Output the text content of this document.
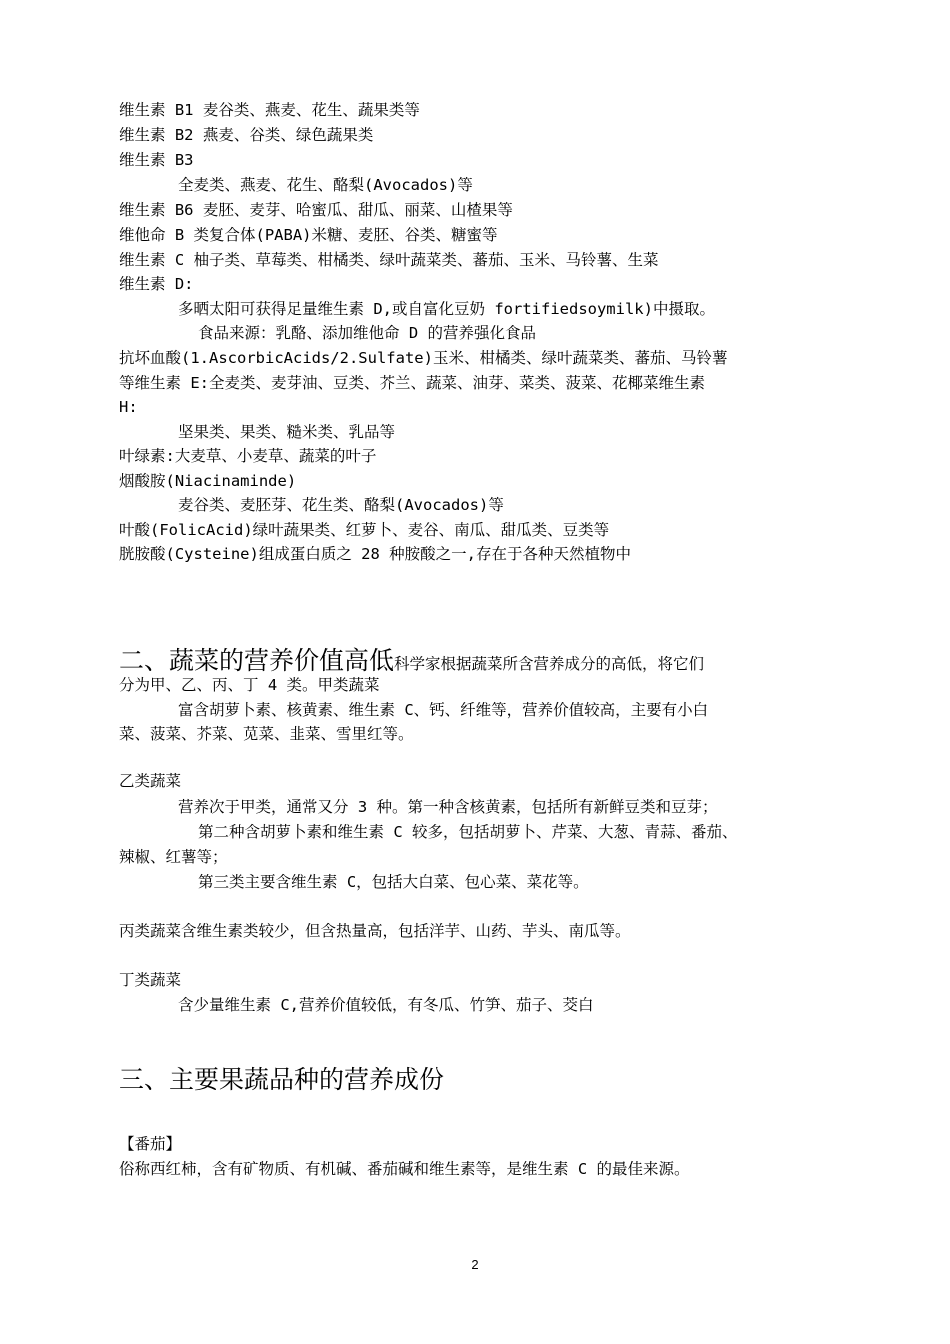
维生素 B1 麦谷类、燕麦、花生、蔬果类等
维生素 B2 燕麦、谷类、绿色蔬果类
维生素 B3
全麦类、燕麦、花生、酪梨(Avocados)等
维生素 B6 麦胚、麦芽、哈蜜瓜、甜瓜、丽菜、山楂果等
维他命 B 类复合体(PABA)米糖、麦胚、谷类、糖蜜等
维生素 C 柚子类、草莓类、柑橘类、绿叶蔬菜类、蕃茄、玉米、马铃薯、生菜
维生素 D:
多晒太阳可获得足量维生素 D,或自富化豆奶 fortifiedsoymilk)中摄取。
食品来源：乳酪、添加维他命 D 的营养强化食品
抗坏血酸(1.AscorbicAcids/2.Sulfate)玉米、柑橘类、绿叶蔬菜类、蕃茄、马铃薯
等维生素 E:全麦类、麦芽油、豆类、芥兰、蔬菜、油芽、菜类、菠菜、花椰菜维生素
H:
坚果类、果类、糙米类、乳品等
叶绿素:大麦草、小麦草、蔬菜的叶子
烟酸胺(Niacinaminde)
麦谷类、麦胚芽、花生类、酪梨(Avocados)等
叶酸(FolicAcid)绿叶蔬果类、红萝卜、麦谷、南瓜、甜瓜类、豆类等
胱胺酸(Cysteine)组成蛋白质之 28 种胺酸之一,存在于各种天然植物中
二、蔬菜的营养价值高低科学家根据蔬菜所含营养成分的高低，将它们
分为甲、乙、丙、丁 4 类。甲类蔬菜
富含胡萝卜素、核黄素、维生素 C、钙、纤维等，营养价值较高，主要有小白
菜、菠菜、芥菜、苋菜、韭菜、雪里红等。
乙类蔬菜
营养次于甲类，通常又分 3 种。第一种含核黄素，包括所有新鲜豆类和豆芽；
第二种含胡萝卜素和维生素 C 较多，包括胡萝卜、芹菜、大葱、青蒜、番茄、
辣椒、红薯等；
第三类主要含维生素 C，包括大白菜、包心菜、菜花等。
丙类蔬菜含维生素类较少，但含热量高，包括洋芋、山药、芋头、南瓜等。
丁类蔬菜
含少量维生素 C,营养价值较低，有冬瓜、竹笋、茄子、茭白
三、主要果蔬品种的营养成份
【番茄】
俗称西红柿，含有矿物质、有机碱、番茄碱和维生素等，是维生素 C 的最佳来源。
2
